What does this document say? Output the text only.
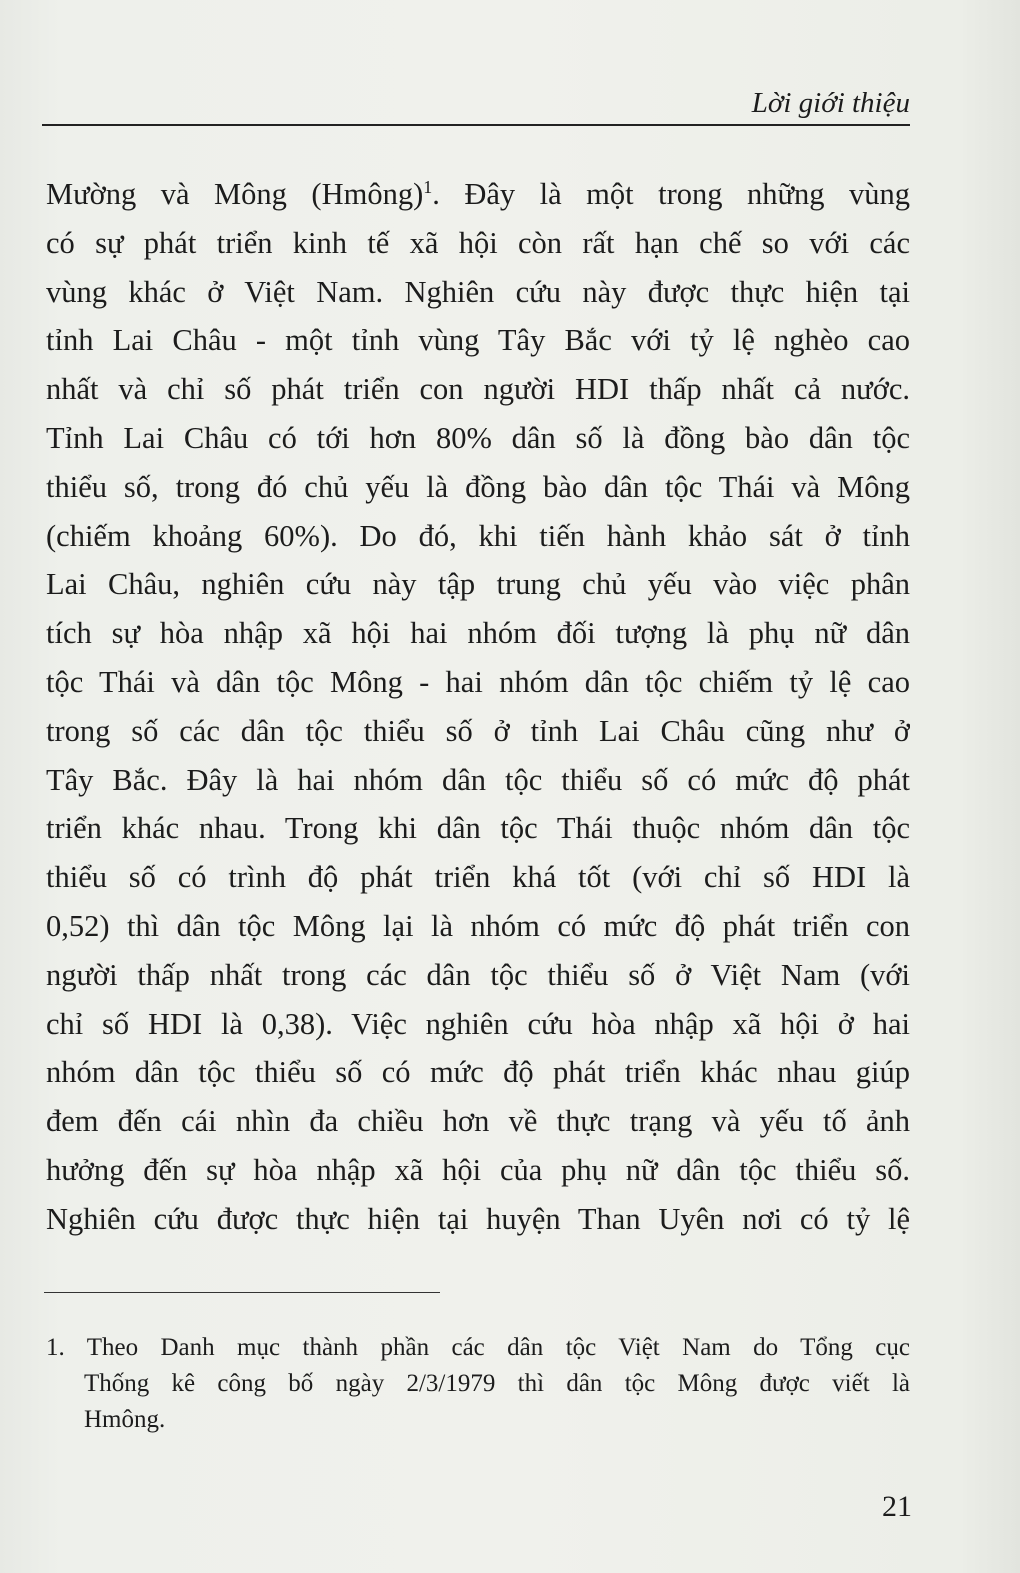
Lời giới thiệu
Mường và Mông (Hmông)$^1$. Đây là một trong những vùng
có sự phát triển kinh tế xã hội còn rất hạn chế so với các
vùng khác ở Việt Nam. Nghiên cứu này được thực hiện tại
tỉnh Lai Châu - một tỉnh vùng Tây Bắc với tỷ lệ nghèo cao
nhất và chỉ số phát triển con người HDI thấp nhất cả nước.
Tỉnh Lai Châu có tới hơn 80% dân số là đồng bào dân tộc
thiểu số, trong đó chủ yếu là đồng bào dân tộc Thái và Mông
(chiếm khoảng 60%). Do đó, khi tiến hành khảo sát ở tỉnh
Lai Châu, nghiên cứu này tập trung chủ yếu vào việc phân
tích sự hòa nhập xã hội hai nhóm đối tượng là phụ nữ dân
tộc Thái và dân tộc Mông - hai nhóm dân tộc chiếm tỷ lệ cao
trong số các dân tộc thiểu số ở tỉnh Lai Châu cũng như ở
Tây Bắc. Đây là hai nhóm dân tộc thiểu số có mức độ phát
triển khác nhau. Trong khi dân tộc Thái thuộc nhóm dân tộc
thiểu số có trình độ phát triển khá tốt (với chỉ số HDI là
0,52) thì dân tộc Mông lại là nhóm có mức độ phát triển con
người thấp nhất trong các dân tộc thiểu số ở Việt Nam (với
chỉ số HDI là 0,38). Việc nghiên cứu hòa nhập xã hội ở hai
nhóm dân tộc thiểu số có mức độ phát triển khác nhau giúp
đem đến cái nhìn đa chiều hơn về thực trạng và yếu tố ảnh
hưởng đến sự hòa nhập xã hội của phụ nữ dân tộc thiểu số.
Nghiên cứu được thực hiện tại huyện Than Uyên nơi có tỷ lệ
1. Theo Danh mục thành phần các dân tộc Việt Nam do Tổng cục
Thống kê công bố ngày 2/3/1979 thì dân tộc Mông được viết là
Hmông.
21
